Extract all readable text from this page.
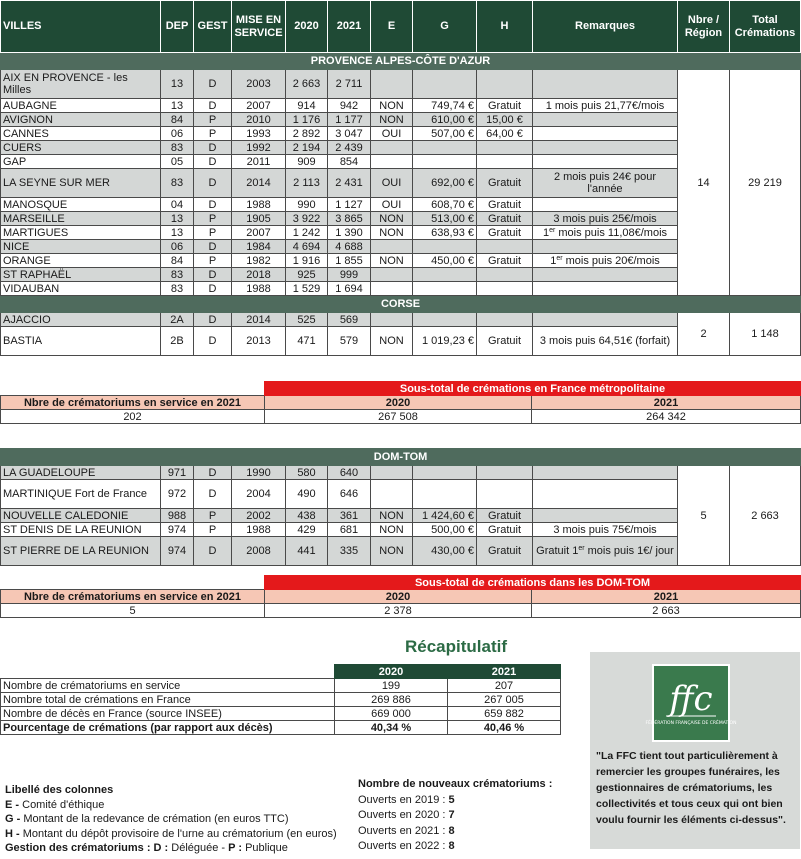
VILLES	DEP	GEST	MISE EN SERVICE	2020	2021	E	G	H	Remarques	Nbre / Région	Total Crémations
PROVENCE ALPES-CÔTE D'AZUR											
AIX EN PROVENCE - les Milles	13	D	2003	2 663	2 711					14	29 219
AUBAGNE	13	D	2007	914	942	NON	749,74 €	Gratuit	1 mois puis 21,77€/mois		
AVIGNON	84	P	2010	1 176	1 177	NON	610,00 €	15,00 €			
CANNES	06	P	1993	2 892	3 047	OUI	507,00 €	64,00 €			
CUERS	83	D	1992	2 194	2 439						
GAP	05	D	2011	909	854						
LA SEYNE SUR MER	83	D	2014	2 113	2 431	OUI	692,00 €	Gratuit	2 mois puis 24€ pour l'année		
MANOSQUE	04	D	1988	990	1 127	OUI	608,70 €	Gratuit			
MARSEILLE	13	P	1905	3 922	3 865	NON	513,00 €	Gratuit	3 mois puis 25€/mois		
MARTIGUES	13	P	2007	1 242	1 390	NON	638,93 €	Gratuit	1er mois puis 11,08€/mois		
NICE	06	D	1984	4 694	4 688						
ORANGE	84	P	1982	1 916	1 855	NON	450,00 €	Gratuit	1er mois puis 20€/mois		
ST RAPHAËL	83	D	2018	925	999						
VIDAUBAN	83	D	1988	1 529	1 694						
CORSE											
AJACCIO	2A	D	2014	525	569					2	1 148
BASTIA	2B	D	2013	471	579	NON	1 019,23 €	Gratuit	3 mois puis 64,51€ (forfait)		
	Sous-total de crémations en France métropolitaine	
Nbre de crématoriums en service en 2021	2020	2021
202	267 508	264 342
DOM-TOM											
LA GUADELOUPE	971	D	1990	580	640					5	2 663
MARTINIQUE Fort de France	972	D	2004	490	646						
NOUVELLE CALEDONIE	988	P	2002	438	361	NON	1 424,60 €	Gratuit			
ST DENIS DE LA REUNION	974	P	1988	429	681	NON	500,00 €	Gratuit	3 mois puis 75€/mois		
ST PIERRE DE LA REUNION	974	D	2008	441	335	NON	430,00 €	Gratuit	Gratuit 1er mois puis 1€/ jour		
	Sous-total de crémations dans les DOM-TOM	
Nbre de crématoriums en service en 2021	2020	2021
5	2 378	2 663
Récapitulatif
	2020	2021
Nombre de crématoriums en service	199	207
Nombre total de crémations en France	269 886	267 005
Nombre de décès en France (source INSEE)	669 000	659 882
Pourcentage de crémations (par rapport aux décès)	40,34 %	40,46 %
Libellé des colonnes
E - Comité d'éthique
G - Montant de la redevance de crémation (en euros TTC)
H - Montant du dépôt provisoire de l'urne au crématorium (en euros)
Gestion des crématoriums : D : Déléguée - P : Publique
Nombre de nouveaux crématoriums :
Ouverts en 2019 : 5
Ouverts en 2020 : 7
Ouverts en 2021 : 8
Ouverts en 2022 : 8
ffc
FÉDÉRATION FRANÇAISE DE CRÉMATION
"La FFC tient tout particulièrement à remercier les groupes funéraires, les gestionnaires de crématoriums, les collectivités et tous ceux qui ont bien voulu fournir les éléments ci-dessus".
